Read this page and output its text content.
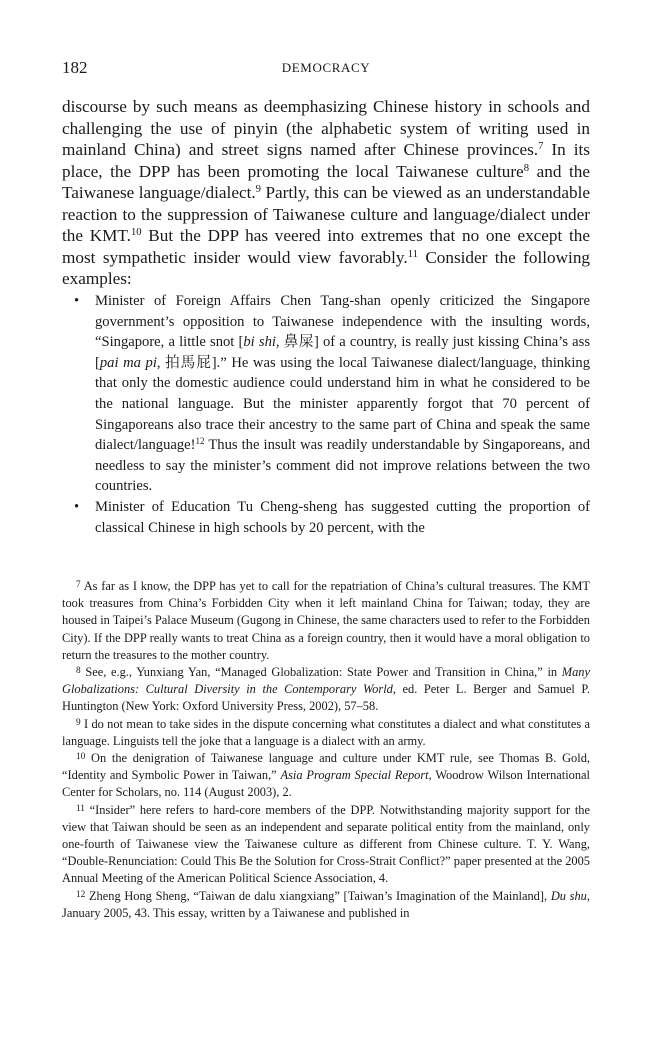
182	DEMOCRACY

discourse by such means as deemphasizing Chinese history in schools and challenging the use of pinyin (the alphabetic system of writing used in mainland China) and street signs named after Chinese provinces.$^7$ In its place, the DPP has been promoting the local Taiwanese culture$^8$ and the Taiwanese language/dialect.$^9$ Partly, this can be viewed as an understandable reaction to the suppression of Taiwanese culture and language/dialect under the KMT.$^{10}$ But the DPP has veered into extremes that no one except the most sympathetic insider would view favorably.$^{11}$ Consider the following examples:

• Minister of Foreign Affairs Chen Tang-shan openly criticized the Singapore government’s opposition to Taiwanese independence with the insulting words, “Singapore, a little snot [bi shi, 鼻屎] of a country, is really just kissing China’s ass [pai ma pi, 拍馬屁].” He was using the local Taiwanese dialect/language, thinking that only the domestic audience could understand him in what he considered to be the national language. But the minister apparently forgot that 70 percent of Singaporeans also trace their ancestry to the same part of China and speak the same dialect/language!$^{12}$ Thus the insult was readily understandable by Singaporeans, and needless to say the minister’s comment did not improve relations between the two countries.
• Minister of Education Tu Cheng-sheng has suggested cutting the proportion of classical Chinese in high schools by 20 percent, with the

$^7$ As far as I know, the DPP has yet to call for the repatriation of China’s cultural treasures. The KMT took treasures from China’s Forbidden City when it left mainland China for Taiwan; today, they are housed in Taipei’s Palace Museum (Gugong in Chinese, the same characters used to refer to the Forbidden City). If the DPP really wants to treat China as a foreign country, then it would have a moral obligation to return the treasures to the mother country.

$^8$ See, e.g., Yunxiang Yan, “Managed Globalization: State Power and Transition in China,” in Many Globalizations: Cultural Diversity in the Contemporary World, ed. Peter L. Berger and Samuel P. Huntington (New York: Oxford University Press, 2002), 57–58.

$^9$ I do not mean to take sides in the dispute concerning what constitutes a dialect and what constitutes a language. Linguists tell the joke that a language is a dialect with an army.

$^{10}$ On the denigration of Taiwanese language and culture under KMT rule, see Thomas B. Gold, “Identity and Symbolic Power in Taiwan,” Asia Program Special Report, Woodrow Wilson International Center for Scholars, no. 114 (August 2003), 2.

$^{11}$ “Insider” here refers to hard-core members of the DPP. Notwithstanding majority support for the view that Taiwan should be seen as an independent and separate political entity from the mainland, only one-fourth of Taiwanese view the Taiwanese culture as different from Chinese culture. T. Y. Wang, “Double-Renunciation: Could This Be the Solution for Cross-Strait Conflict?” paper presented at the 2005 Annual Meeting of the American Political Science Association, 4.

$^{12}$ Zheng Hong Sheng, “Taiwan de dalu xiangxiang” [Taiwan’s Imagination of the Mainland], Du shu, January 2005, 43. This essay, written by a Taiwanese and published in
